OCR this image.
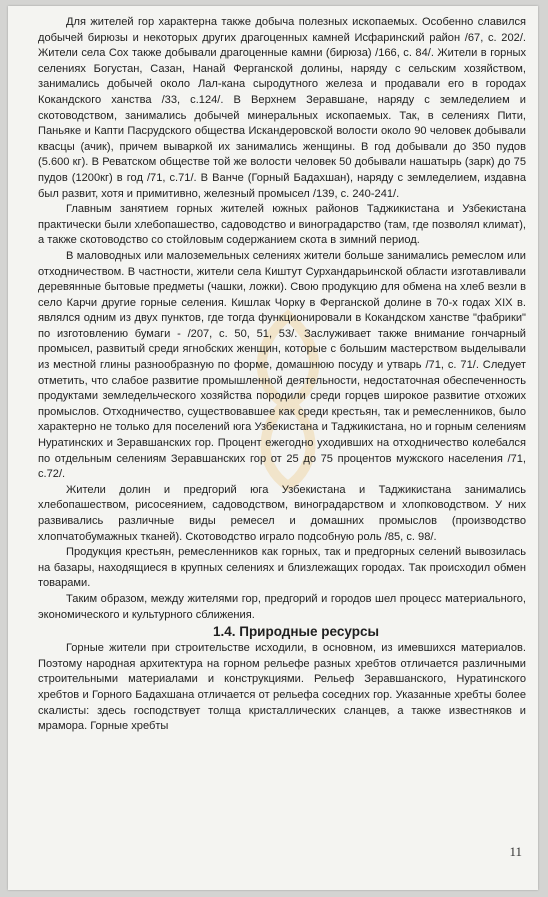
Для жителей гор характерна также добыча полезных ископаемых. Особенно славился добычей бирюзы и некоторых других драгоценных камней Исфаринский район /67, с. 202/. Жители села Сох также добывали драгоценные камни (бирюза) /166, с. 84/. Жители в горных селениях Богустан, Сазан, Нанай Ферганской долины, наряду с сельским хозяйством, занимались добычей около Лал-кана сыродутного железа и продавали его в городах Кокандского ханства /33, с.124/. В Верхнем Зеравшане, наряду с земледелием и скотоводством, занимались добычей минеральных ископаемых. Так, в селениях Пити, Паньяке и Капти Пасрудского общества Искандеровской волости около 90 человек добывали квасцы (ачик), причем вываркой их занимались женщины. В год добывали до 350 пудов (5.600 кг). В Реватском обществе той же волости человек 50 добывали нашатырь (зарк) до 75 пудов (1200кг) в год /71, с.71/. В Ванче (Горный Бадахшан), наряду с земледелием, издавна был развит, хотя и примитивно, железный промысел /139, с. 240-241/.

Главным занятием горных жителей южных районов Таджикистана и Узбекистана практически были хлебопашество, садоводство и виноградарство (там, где позволял климат), а также скотоводство со стойловым содержанием скота в зимний период.

В маловодных или малоземельных селениях жители больше занимались ремеслом или отходничеством. В частности, жители села Киштут Сурхандарьинской области изготавливали деревянные бытовые предметы (чашки, ложки). Свою продукцию для обмена на хлеб везли в село Карчи другие горные селения. Кишлак Чорку в Ферганской долине в 70-х годах XIX в. являлся одним из двух пунктов, где тогда функционировали в Кокандском ханстве "фабрики" по изготовлению бумаги - /207, с. 50, 51, 53/. Заслуживает также внимание гончарный промысел, развитый среди ягнобских женщин, которые с большим мастерством выделывали из местной глины разнообразную по форме, домашнюю посуду и утварь /71, с. 71/. Следует отметить, что слабое развитие промышленной деятельности, недостаточная обеспеченность продуктами земледельческого хозяйства породили среди горцев широкое развитие отхожих промыслов. Отходничество, существовавшее как среди крестьян, так и ремесленников, было характерно не только для поселений юга Узбекистана и Таджикистана, но и горным селениям Нуратинских и Зеравшанских гор. Процент ежегодно уходивших на отходничество колебался по отдельным селениям Зеравшанских гор от 25 до 75 процентов мужского населения /71, с.72/.

Жители долин и предгорий юга Узбекистана и Таджикистана занимались хлебопашеством, рисосеянием, садоводством, виноградарством и хлопководством. У них развивались различные виды ремесел и домашних промыслов (производство хлопчатобумажных тканей). Скотоводство играло подсобную роль /85, с. 98/.

Продукция крестьян, ремесленников как горных, так и предгорных селений вывозилась на базары, находящиеся в крупных селениях и близлежащих городах. Так происходил обмен товарами.

Таким образом, между жителями гор, предгорий и городов шел процесс материального, экономического и культурного сближения.

1.4. Природные ресурсы

Горные жители при строительстве исходили, в основном, из имевшихся материалов. Поэтому народная архитектура на горном рельефе разных хребтов отличается различными строительными материалами и конструкциями. Рельеф Зеравшанского, Нуратинского хребтов и Горного Бадахшана отличается от рельефа соседних гор. Указанные хребты более скалисты: здесь господствует толща кристаллических сланцев, а также известняков и мрамора. Горные хребты

11
